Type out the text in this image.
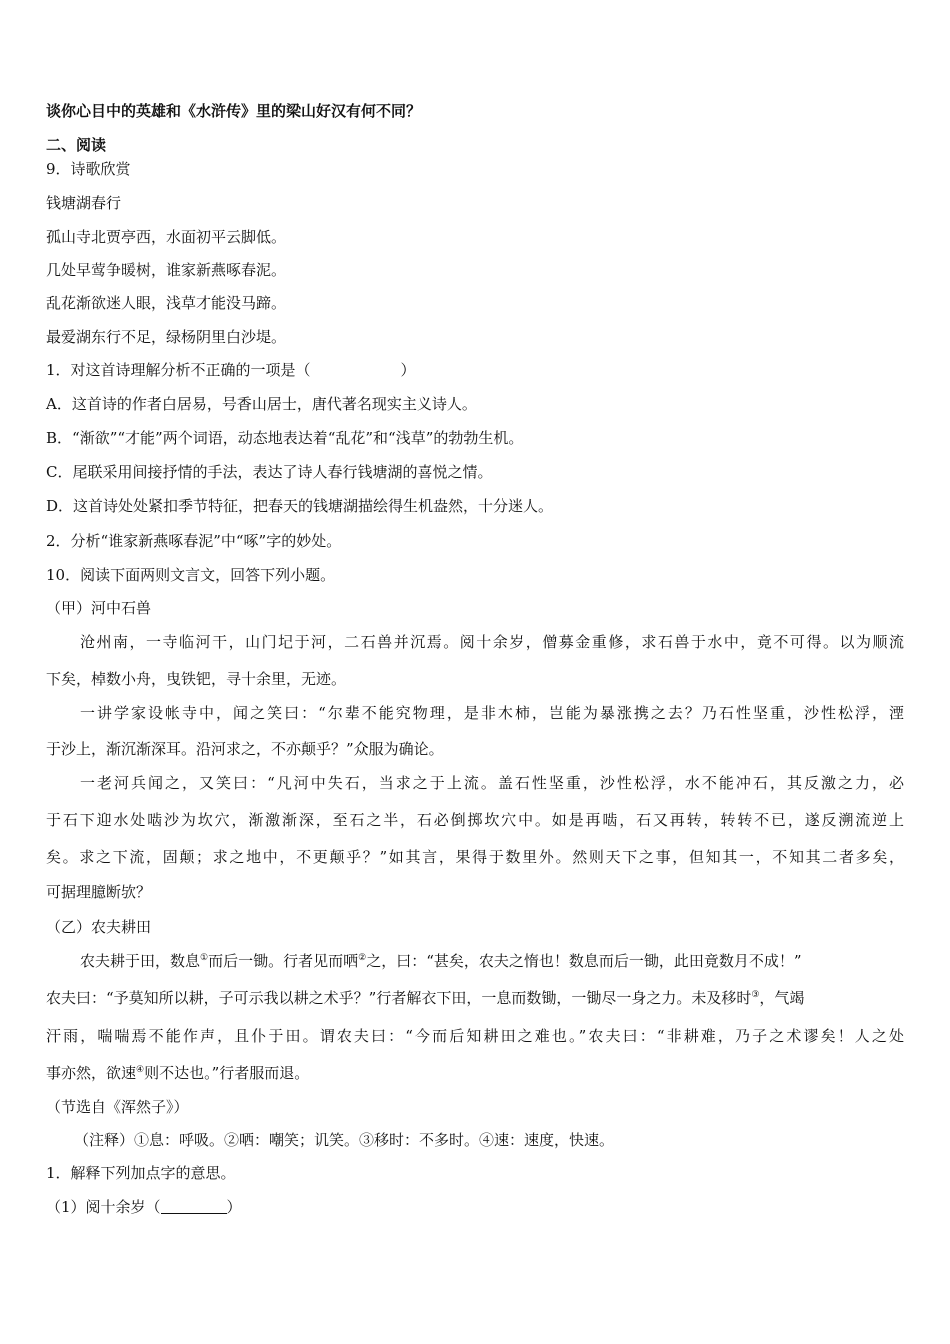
谈你心目中的英雄和《水浒传》里的梁山好汉有何不同？
二、阅读
9．诗歌欣赏
钱塘湖春行
孤山寺北贾亭西，水面初平云脚低。
几处早莺争暖树，谁家新燕啄春泥。
乱花渐欲迷人眼，浅草才能没马蹄。
最爱湖东行不足，绿杨阴里白沙堤。
1．对这首诗理解分析不正确的一项是（　　　　　　）
A．这首诗的作者白居易，号香山居士，唐代著名现实主义诗人。
B．“渐欲”“才能”两个词语，动态地表达着“乱花”和“浅草”的勃勃生机。
C．尾联采用间接抒情的手法，表达了诗人春行钱塘湖的喜悦之情。
D．这首诗处处紧扣季节特征，把春天的钱塘湖描绘得生机盎然，十分迷人。
2．分析“谁家新燕啄春泥”中“啄”字的妙处。
10．阅读下面两则文言文，回答下列小题。
（甲）河中石兽
沧州南，一寺临河干，山门圮于河，二石兽并沉焉。阅十余岁，僧募金重修，求石兽于水中，竟不可得。以为顺流
下矣，棹数小舟，曳铁钯，寻十余里，无迹。
一讲学家设帐寺中，闻之笑曰：“尔辈不能究物理，是非木柿，岂能为暴涨携之去？乃石性坚重，沙性松浮，湮
于沙上，渐沉渐深耳。沿河求之，不亦颠乎？”众服为确论。
一老河兵闻之，又笑曰：“凡河中失石，当求之于上流。盖石性坚重，沙性松浮，水不能冲石，其反激之力，必
于石下迎水处啮沙为坎穴，渐激渐深，至石之半，石必倒掷坎穴中。如是再啮，石又再转，转转不已，遂反溯流逆上
矣。求之下流，固颠；求之地中，不更颠乎？”如其言，果得于数里外。然则天下之事，但知其一，不知其二者多矣，
可据理臆断欤？
（乙）农夫耕田
农夫耕于田，数息①而后一锄。行者见而哂②之，曰：“甚矣，农夫之惰也！数息而后一锄，此田竟数月不成！”
农夫曰：“予莫知所以耕，子可示我以耕之术乎？”行者解衣下田，一息而数锄，一锄尽一身之力。未及移时③，气竭
汗雨，喘喘焉不能作声，且仆于田。谓农夫曰：“今而后知耕田之难也。”农夫曰：“非耕难，乃子之术谬矣！人之处
事亦然，欲速④则不达也。”行者服而退。
（节选自《浑然子》）
（注释）①息：呼吸。②哂：嘲笑；讥笑。③移时：不多时。④速：速度，快速。
1．解释下列加点字的意思。
（1）阅十余岁（	）
